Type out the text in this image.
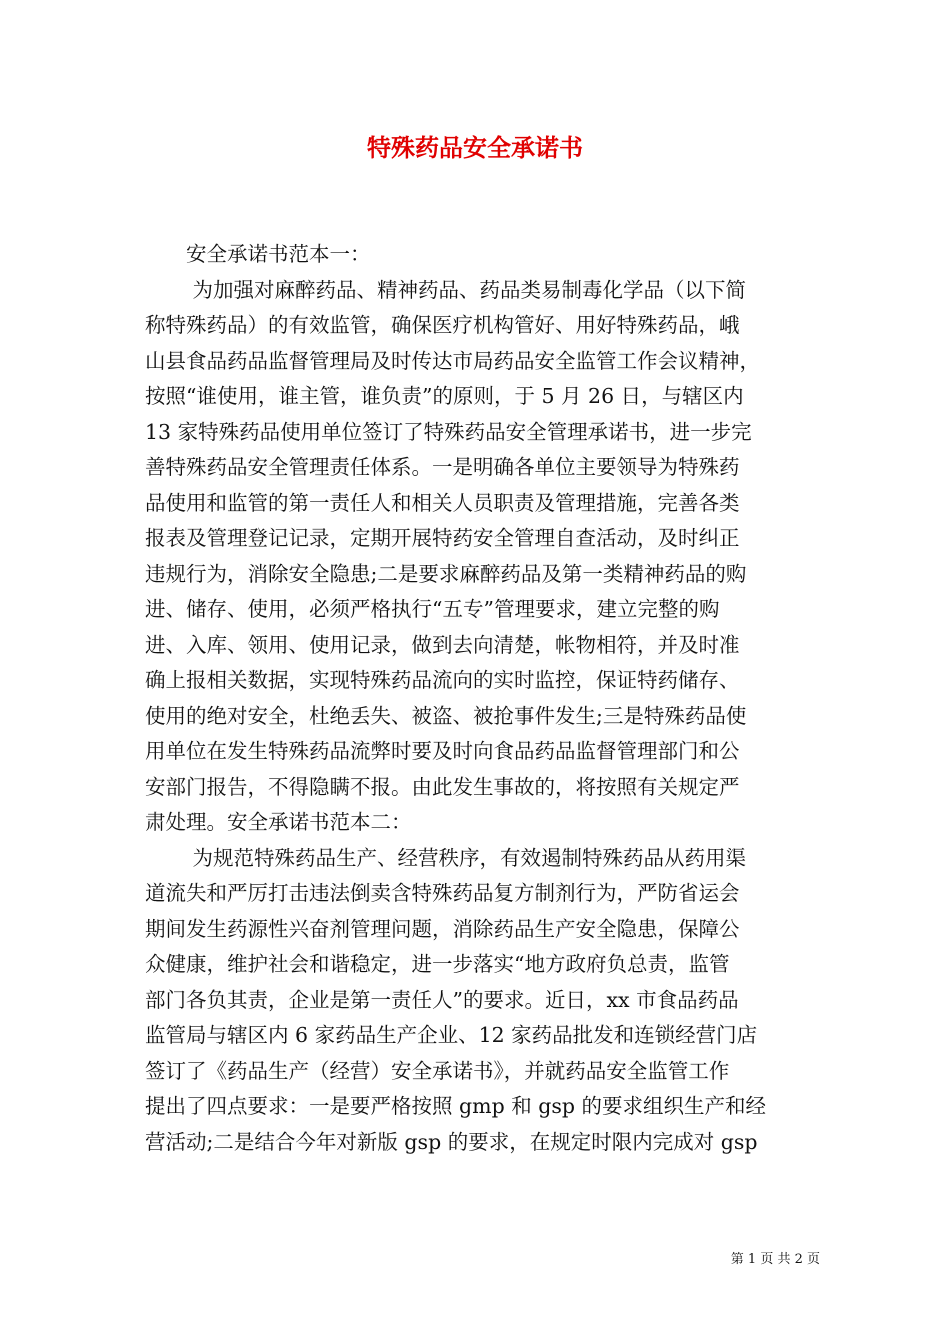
特殊药品安全承诺书
　　安全承诺书范本一：
　　 为加强对麻醉药品、精神药品、药品类易制毒化学品（以下简
称特殊药品）的有效监管，确保医疗机构管好、用好特殊药品，峨
山县食品药品监督管理局及时传达市局药品安全监管工作会议精神，
按照“谁使用，谁主管，谁负责”的原则，于 5 月 26 日，与辖区内
13 家特殊药品使用单位签订了特殊药品安全管理承诺书，进一步完
善特殊药品安全管理责任体系。一是明确各单位主要领导为特殊药
品使用和监管的第一责任人和相关人员职责及管理措施，完善各类
报表及管理登记记录，定期开展特药安全管理自查活动，及时纠正
违规行为，消除安全隐患;二是要求麻醉药品及第一类精神药品的购
进、储存、使用，必须严格执行“五专”管理要求，建立完整的购
进、入库、领用、使用记录，做到去向清楚，帐物相符，并及时准
确上报相关数据，实现特殊药品流向的实时监控，保证特药储存、
使用的绝对安全，杜绝丢失、被盗、被抢事件发生;三是特殊药品使
用单位在发生特殊药品流弊时要及时向食品药品监督管理部门和公
安部门报告，不得隐瞒不报。由此发生事故的，将按照有关规定严
肃处理。安全承诺书范本二：
　　 为规范特殊药品生产、经营秩序，有效遏制特殊药品从药用渠
道流失和严厉打击违法倒卖含特殊药品复方制剂行为，严防省运会
期间发生药源性兴奋剂管理问题，消除药品生产安全隐患，保障公
众健康，维护社会和谐稳定，进一步落实“地方政府负总责，监管
部门各负其责，企业是第一责任人”的要求。近日，xx 市食品药品
监管局与辖区内 6 家药品生产企业、12 家药品批发和连锁经营门店
签订了《药品生产（经营）安全承诺书》，并就药品安全监管工作
提出了四点要求：一是要严格按照 gmp 和 gsp 的要求组织生产和经
营活动;二是结合今年对新版 gsp 的要求，在规定时限内完成对 gsp
第 1 页 共 2 页
